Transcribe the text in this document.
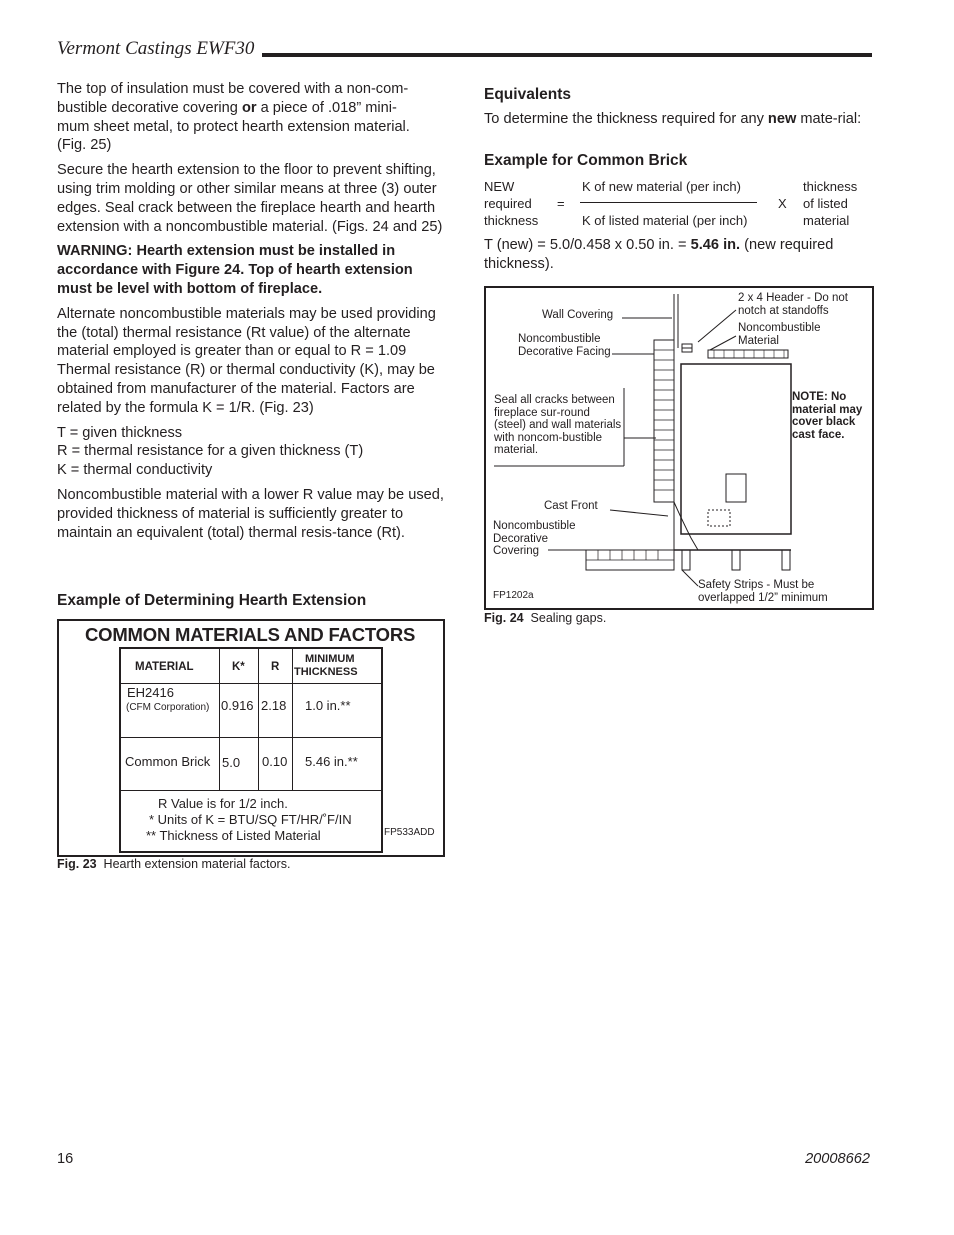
Vermont Castings EWF30

The top of insulation must be covered with a non-com-
bustible decorative covering or a piece of .018” mini-
mum sheet metal, to protect hearth extension material.
(Fig. 25)

Secure the hearth extension to the floor to prevent shifting, using trim molding or other similar means at three (3) outer edges. Seal crack between the fireplace hearth and hearth extension with a noncombustible material. (Figs. 24 and 25)

WARNING: Hearth extension must be installed in accordance with Figure 24. Top of hearth extension must be level with bottom of fireplace.

Alternate noncombustible materials may be used providing the (total) thermal resistance (Rt value) of the alternate material employed is greater than or equal to R = 1.09 Thermal resistance (R) or thermal conductivity (K), may be obtained from manufacturer of the material. Factors are related by the formula K = 1/R. (Fig. 23)

T = given thickness
R = thermal resistance for a given thickness (T)
K = thermal conductivity

Noncombustible material with a lower R value may be used, provided thickness of material is sufficiently greater to maintain an equivalent (total) thermal resis-tance (Rt).

Example of Determining Hearth Extension
COMMON MATERIALS AND FACTORS
MATERIAL	K* R
MINIMUM
THICKNESS
EH2416
(CFM Corporation) 0.916 2.18 1.0 in.**
Common Brick 5.0 0.10 5.46 in.**
R Value is for 1/2 inch.
* Units of K = BTU/SQ FT/HR/˚F/IN
** Thickness of Listed Material	FP533ADD
Fig. 23 Hearth extension material factors.
Equivalents
To determine the thickness required for any new mate-rial:
Example for Common Brick
NEW
required
thickness
=
K of new material (per inch)
K of listed material (per inch)
X
thickness
of listed
material
T (new) = 5.0/0.458 x 0.50 in. = 5.46 in. (new required thickness).
Wall Covering
2 x 4 Header - Do not notch at standoffs
Noncombustible Material
Noncombustible Decorative Facing
Seal all cracks between fireplace sur-round (steel) and wall materials with noncom-bustible material.
NOTE: No material may cover black cast face.
Cast Front
Noncombustible Decorative Covering
Safety Strips - Must be overlapped 1/2” minimum
FP1202a
Fig. 24 Sealing gaps.
16	20008662
